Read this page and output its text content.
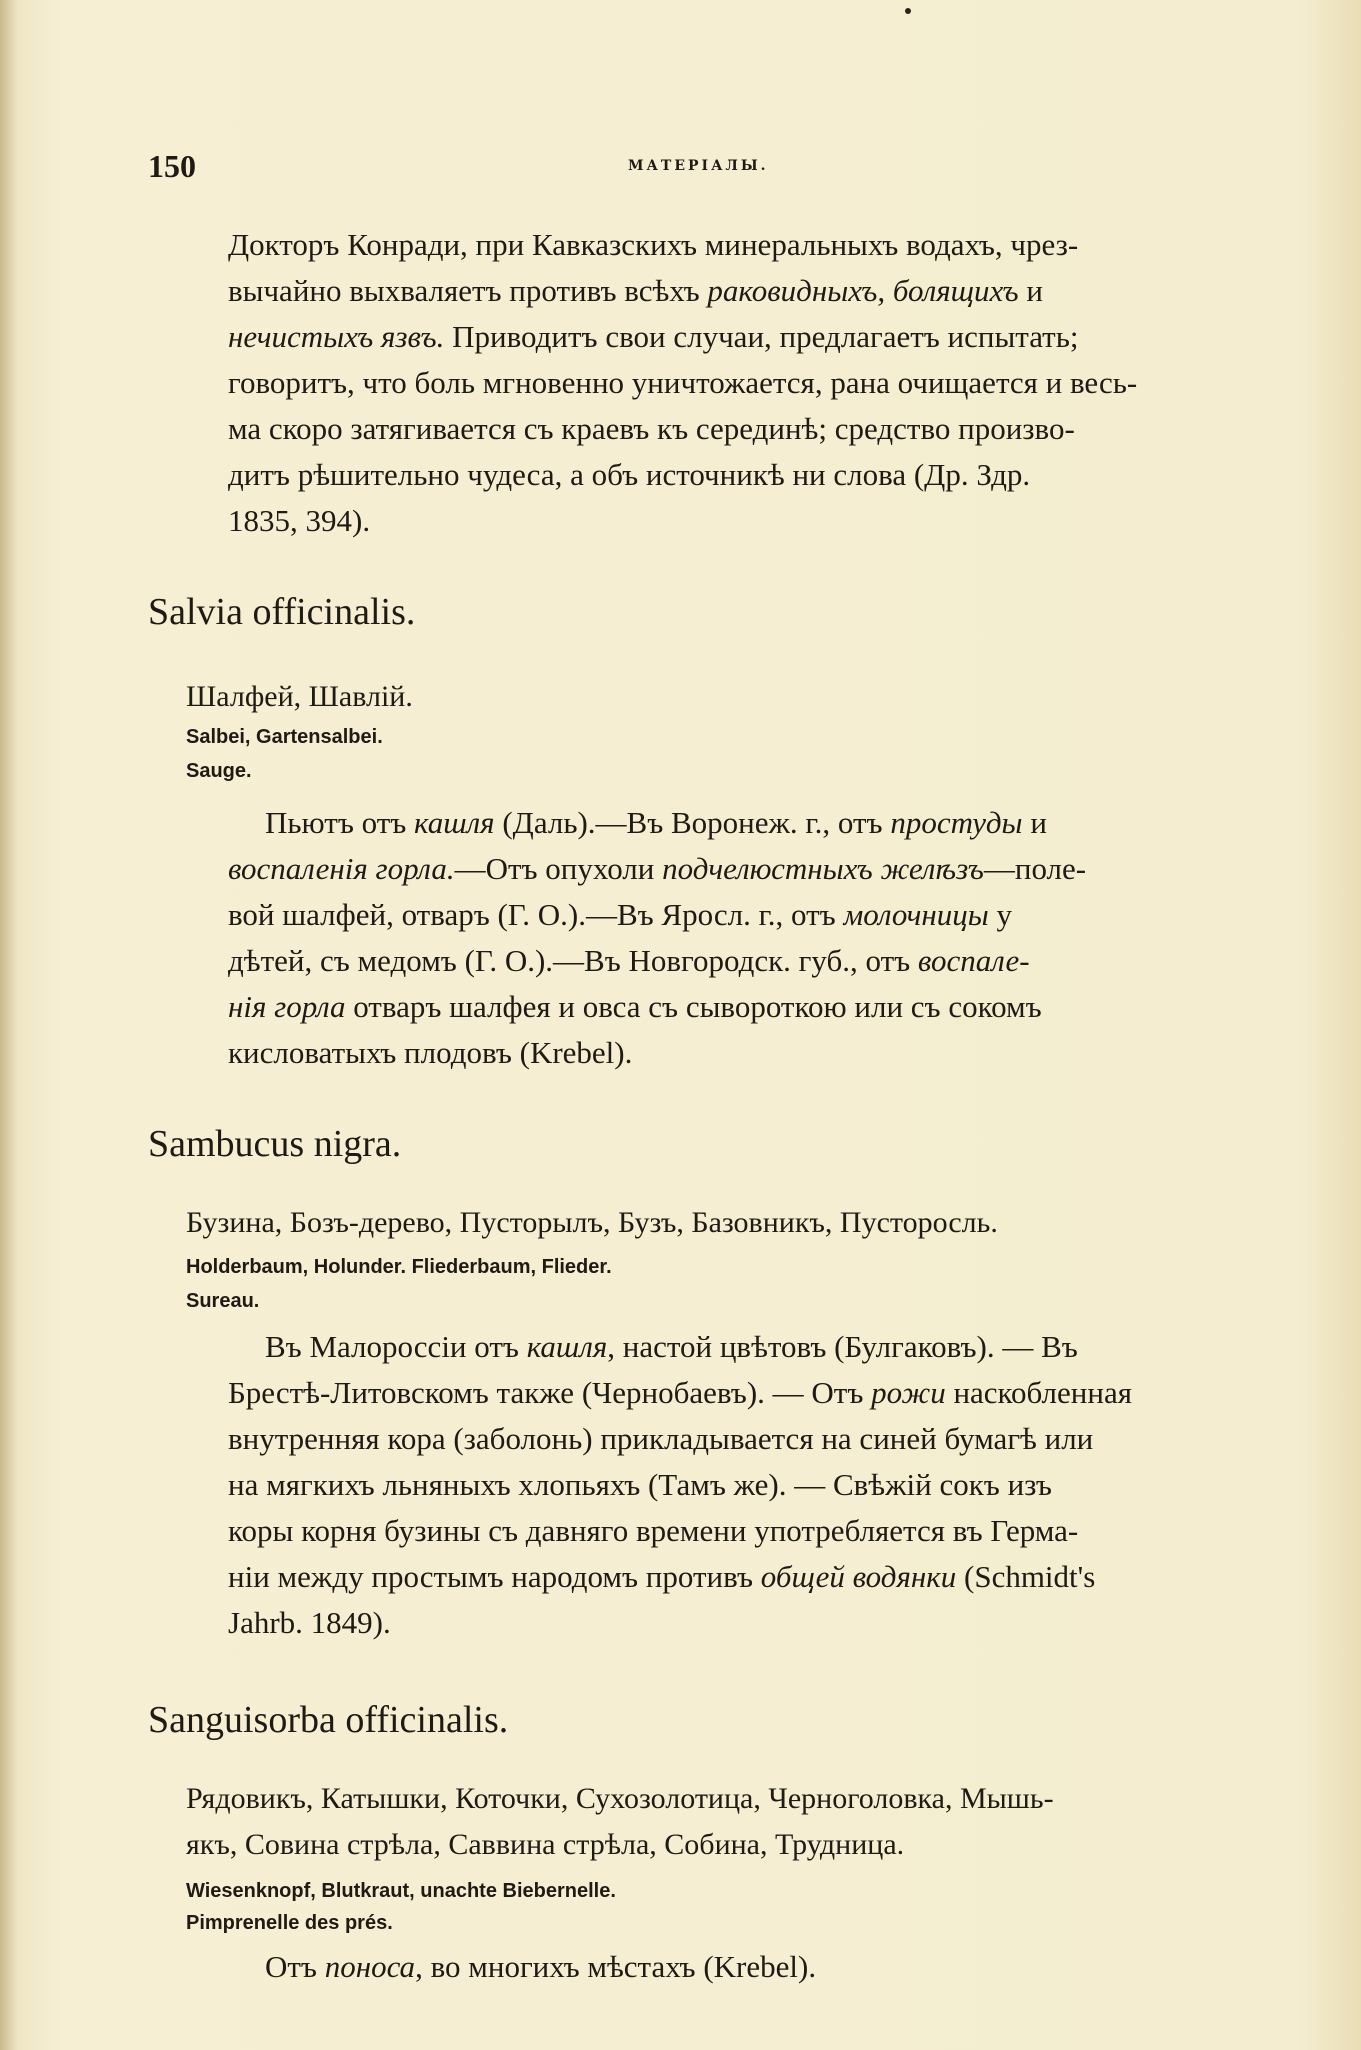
150	МАТЕРІАЛЫ.
Докторъ Конради, при Кавказскихъ минеральныхъ водахъ, чрез-
вычайно выхваляетъ противъ всѣхъ раковидныхъ, болящихъ и
нечистыхъ язвъ. Приводитъ свои случаи, предлагаетъ испытать;
говоритъ, что боль мгновенно уничтожается, рана очищается и весь-
ма скоро затягивается съ краевъ къ серединѣ; средство произво-
дитъ рѣшительно чудеса, а объ источникѣ ни слова (Др. Здр.
1835, 394).
Salvia officinalis.
Шалфей, Шавлій.
Salbei, Gartensalbei.
Sauge.
Пьютъ отъ кашля (Даль).—Въ Воронеж. г., отъ простуды и
воспаленія горла.—Отъ опухоли подчелюстныхъ желѣзъ—поле-
вой шалфей, отваръ (Г. О.).—Въ Яросл. г., отъ молочницы у
дѣтей, съ медомъ (Г. О.).—Въ Новгородск. губ., отъ воспале-
нія горла отваръ шалфея и овса съ сывороткою или съ сокомъ
кисловатыхъ плодовъ (Krebel).
Sambucus nigra.
Бузина, Бозъ-дерево, Пусторылъ, Бузъ, Базовникъ, Пусторосль.
Holderbaum, Holunder. Fliederbaum, Flieder.
Sureau.
Въ Малороссіи отъ кашля, настой цвѣтовъ (Булгаковъ). — Въ
Брестѣ-Литовскомъ также (Чернобаевъ). — Отъ рожи наскобленная
внутренняя кора (заболонь) прикладывается на синей бумагѣ или
на мягкихъ льняныхъ хлопьяхъ (Тамъ же). — Свѣжій сокъ изъ
коры корня бузины съ давняго времени употребляется въ Герма-
ніи между простымъ народомъ противъ общей водянки (Schmidt's
Jahrb. 1849).
Sanguisorba officinalis.
Рядовикъ, Катышки, Коточки, Сухозолотица, Черноголовка, Мышь-
якъ, Совина стрѣла, Саввина стрѣла, Собина, Трудница.
Wiesenknopf, Blutkraut, unachte Biebernelle.
Pimprenelle des prés.
Отъ поноса, во многихъ мѣстахъ (Krebel).
